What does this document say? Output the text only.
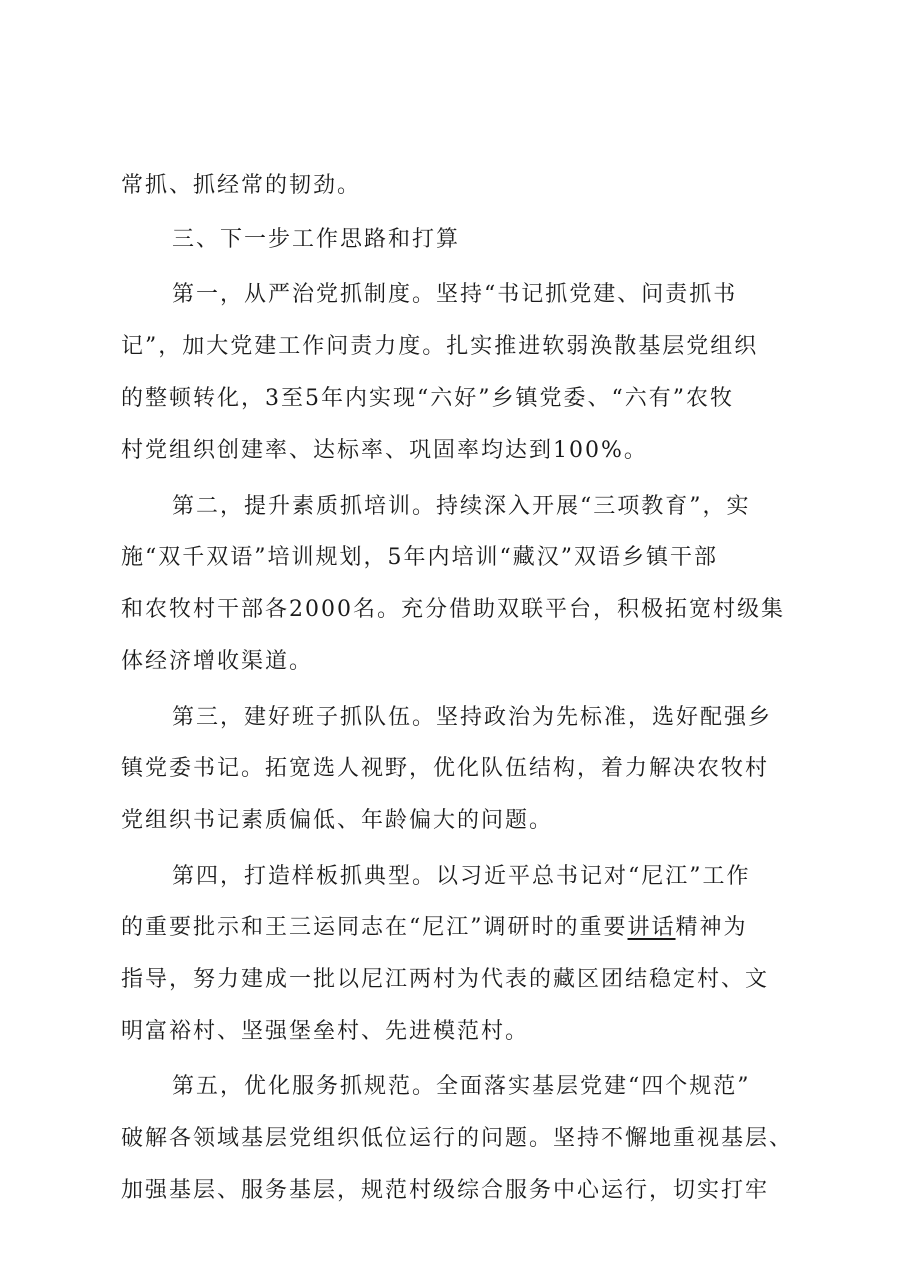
常抓、抓经常的韧劲。
三、下一步工作思路和打算
第一，从严治党抓制度。坚持“书记抓党建、问责抓书
记”，加大党建工作问责力度。扎实推进软弱涣散基层党组织
的整顿转化，3至5年内实现“六好”乡镇党委、“六有”农牧
村党组织创建率、达标率、巩固率均达到100%。
第二，提升素质抓培训。持续深入开展“三项教育”，实
施“双千双语”培训规划，5年内培训“藏汉”双语乡镇干部
和农牧村干部各2000名。充分借助双联平台，积极拓宽村级集
体经济增收渠道。
第三，建好班子抓队伍。坚持政治为先标准，选好配强乡
镇党委书记。拓宽选人视野，优化队伍结构，着力解决农牧村
党组织书记素质偏低、年龄偏大的问题。
第四，打造样板抓典型。以习近平总书记对“尼江”工作
的重要批示和王三运同志在“尼江”调研时的重要讲话精神为
指导，努力建成一批以尼江两村为代表的藏区团结稳定村、文
明富裕村、坚强堡垒村、先进模范村。
第五，优化服务抓规范。全面落实基层党建“四个规范”
破解各领域基层党组织低位运行的问题。坚持不懈地重视基层、
加强基层、服务基层，规范村级综合服务中心运行，切实打牢
